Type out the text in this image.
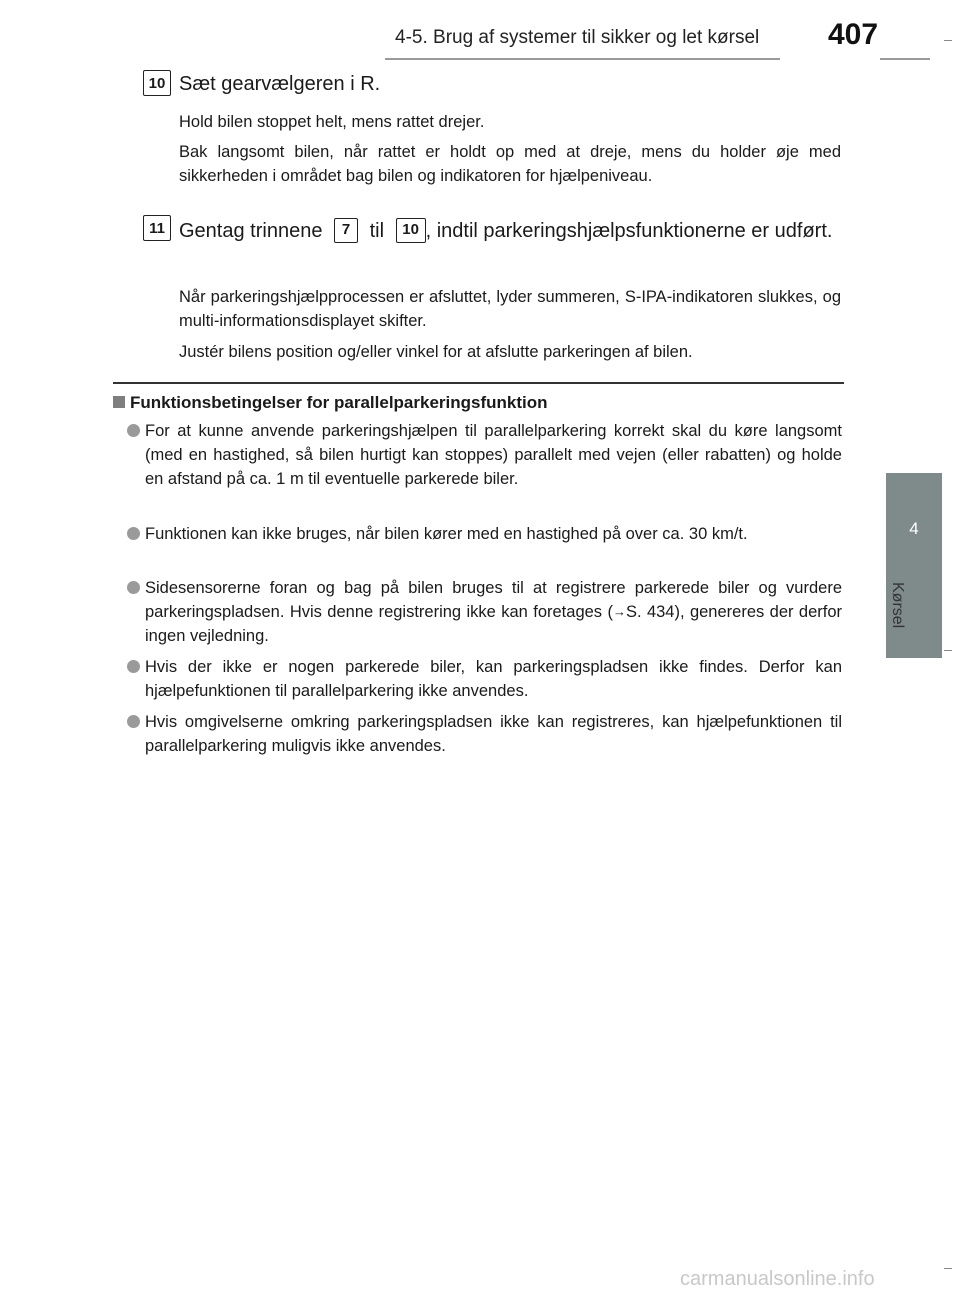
4-5. Brug af systemer til sikker og let kørsel 407
4
Kørsel
10 Sæt gearvælgeren i R.
Hold bilen stoppet helt, mens rattet drejer.
Bak langsomt bilen, når rattet er holdt op med at dreje, mens du holder øje med sikkerheden i området bag bilen og indikatoren for hjælpeniveau.
11 Gentag trinnene 7 til 10 , indtil parkeringshjælpsfunktionerne er udført.
Når parkeringshjælpprocessen er afsluttet, lyder summeren, S-IPA-indikatoren slukkes, og multi-informationsdisplayet skifter.
Justér bilens position og/eller vinkel for at afslutte parkeringen af bilen.
Funktionsbetingelser for parallelparkeringsfunktion
For at kunne anvende parkeringshjælpen til parallelparkering korrekt skal du køre langsomt (med en hastighed, så bilen hurtigt kan stoppes) parallelt med vejen (eller rabatten) og holde en afstand på ca. 1 m til eventuelle parkerede biler.
Funktionen kan ikke bruges, når bilen kører med en hastighed på over ca. 30 km/t.
Sidesensorerne foran og bag på bilen bruges til at registrere parkerede biler og vurdere parkeringspladsen. Hvis denne registrering ikke kan foretages (→S. 434), genereres der derfor ingen vejledning.
Hvis der ikke er nogen parkerede biler, kan parkeringspladsen ikke findes. Derfor kan hjælpefunktionen til parallelparkering ikke anvendes.
Hvis omgivelserne omkring parkeringspladsen ikke kan registreres, kan hjælpefunktionen til parallelparkering muligvis ikke anvendes.
carmanualsonline.info
